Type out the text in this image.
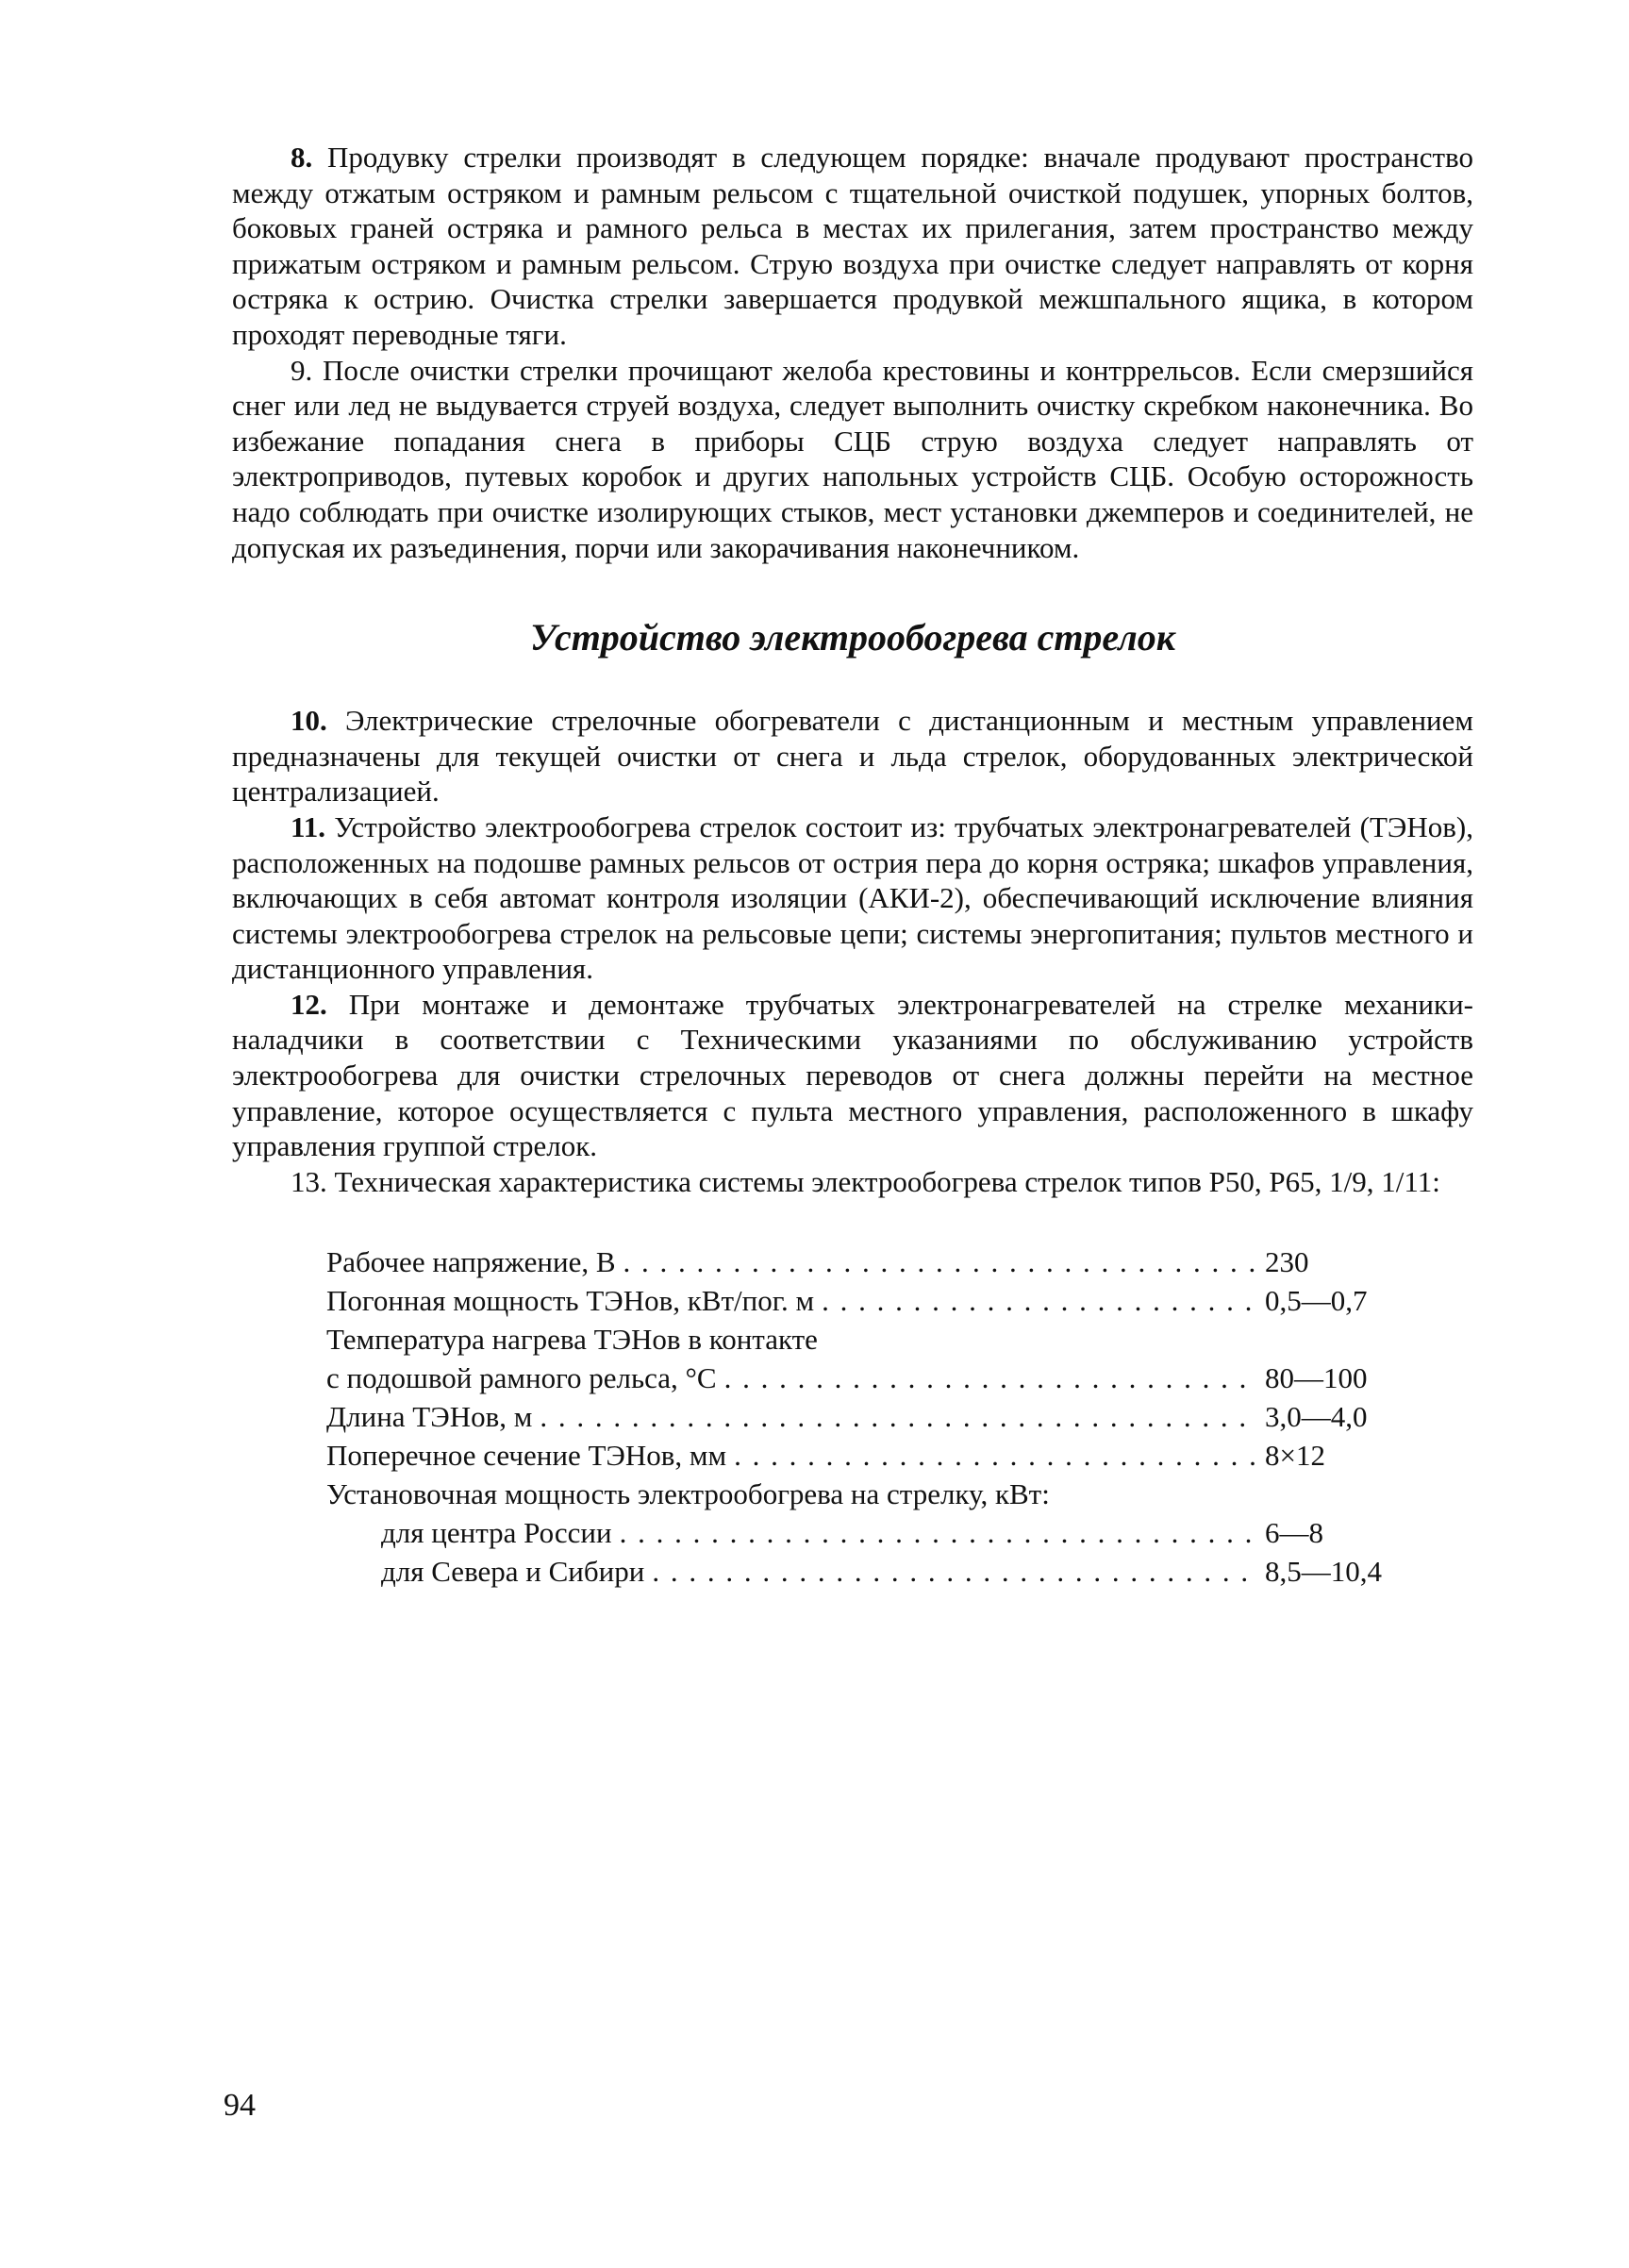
8. Продувку стрелки производят в следующем порядке: вначале продувают пространство между отжатым остряком и рамным рельсом с тщательной очисткой подушек, упорных болтов, боковых граней остряка и рамного рельса в местах их прилегания, затем пространство между прижатым остряком и рамным рельсом. Струю воздуха при очистке следует направлять от корня остряка к острию. Очистка стрелки завершается продувкой межшпального ящика, в котором проходят переводные тяги.

9. После очистки стрелки прочищают желоба крестовины и контррельсов. Если смерзшийся снег или лед не выдувается струей воздуха, следует выполнить очистку скребком наконечника. Во избежание попадания снега в приборы СЦБ струю воздуха следует направлять от электроприводов, путевых коробок и других напольных устройств СЦБ. Особую осторожность надо соблюдать при очистке изолирующих стыков, мест установки джемперов и соединителей, не допуская их разъединения, порчи или закорачивания наконечником.

Устройство электрообогрева стрелок

10. Электрические стрелочные обогреватели с дистанционным и местным управлением предназначены для текущей очистки от снега и льда стрелок, оборудованных электрической централизацией.

11. Устройство электрообогрева стрелок состоит из: трубчатых электронагревателей (ТЭНов), расположенных на подошве рамных рельсов от острия пера до корня остряка; шкафов управления, включающих в себя автомат контроля изоляции (АКИ-2), обеспечивающий исключение влияния системы электрообогрева стрелок на рельсовые цепи; системы энергопитания; пультов местного и дистанционного управления.

12. При монтаже и демонтаже трубчатых электронагревателей на стрелке механики-наладчики в соответствии с Техническими указаниями по обслуживанию устройств электрообогрева для очистки стрелочных переводов от снега должны перейти на местное управление, которое осуществляется с пульта местного управления, расположенного в шкафу управления группой стрелок.

13. Техническая характеристика системы электрообогрева стрелок типов Р50, Р65, 1/9, 1/11:

Рабочее напряжение, В . . .	230
Погонная мощность ТЭНов, кВт/пог. м . . .	0,5—0,7
Температура нагрева ТЭНов в контакте
с подошвой рамного рельса, °С . . .	80—100
Длина ТЭНов, м . . .	3,0—4,0
Поперечное сечение ТЭНов, мм . . .	8×12
Установочная мощность электрообогрева на стрелку, кВт:
для центра России . . .	6—8
для Севера и Сибири . . .	8,5—10,4
94
